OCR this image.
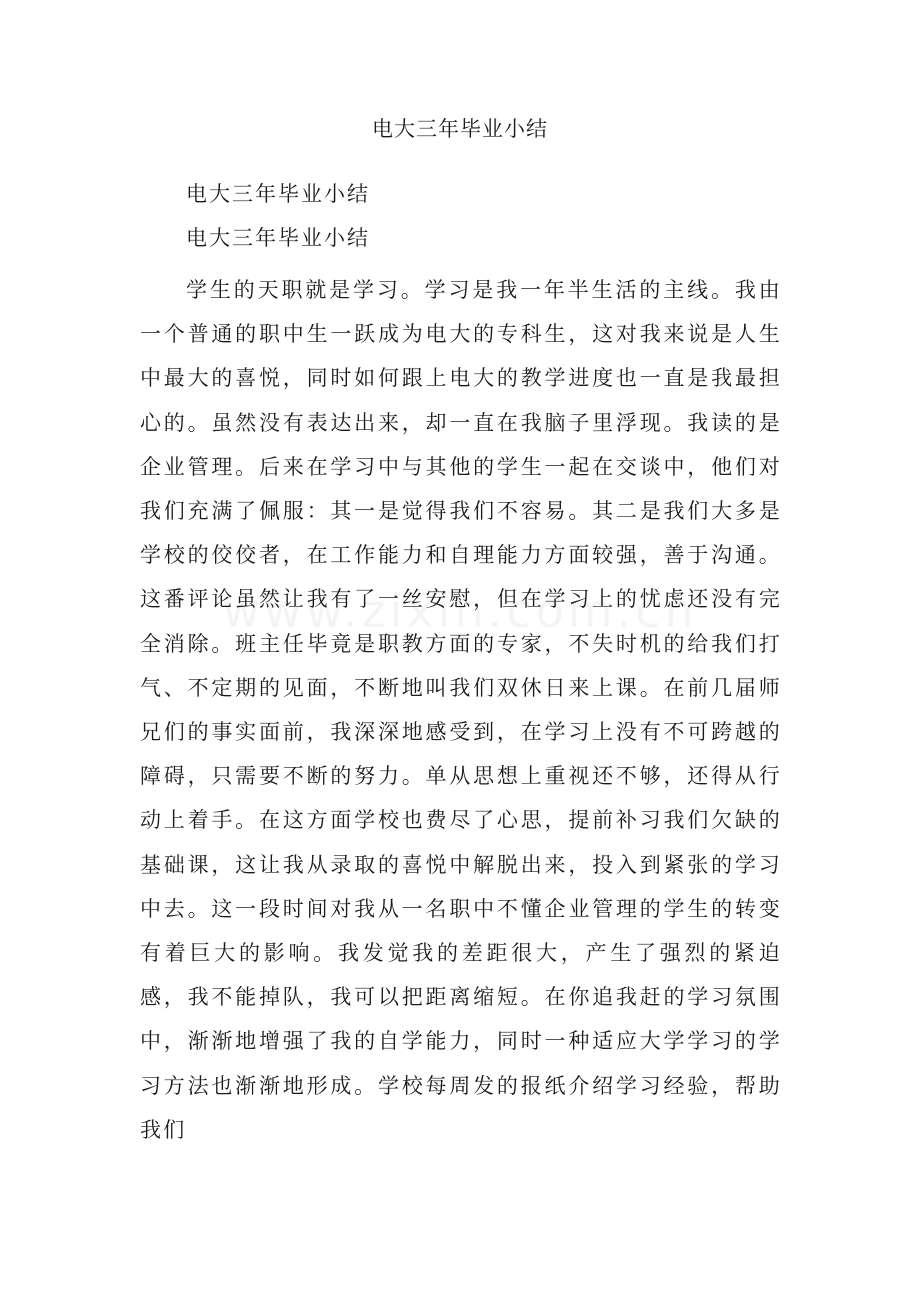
电大三年毕业小结
电大三年毕业小结
电大三年毕业小结

学生的天职就是学习。学习是我一年半生活的主线。我由一个普通的职中生一跃成为电大的专科生，这对我来说是人生中最大的喜悦，同时如何跟上电大的教学进度也一直是我最担心的。虽然没有表达出来，却一直在我脑子里浮现。我读的是企业管理。后来在学习中与其他的学生一起在交谈中，他们对我们充满了佩服：其一是觉得我们不容易。其二是我们大多是学校的佼佼者，在工作能力和自理能力方面较强，善于沟通。这番评论虽然让我有了一丝安慰，但在学习上的忧虑还没有完全消除。班主任毕竟是职教方面的专家，不失时机的给我们打气、不定期的见面，不断地叫我们双休日来上课。在前几届师兄们的事实面前，我深深地感受到，在学习上没有不可跨越的障碍，只需要不断的努力。单从思想上重视还不够，还得从行动上着手。在这方面学校也费尽了心思，提前补习我们欠缺的基础课，这让我从录取的喜悦中解脱出来，投入到紧张的学习中去。这一段时间对我从一名职中不懂企业管理的学生的转变有着巨大的影响。我发觉我的差距很大，产生了强烈的紧迫感，我不能掉队，我可以把距离缩短。在你追我赶的学习氛围中，渐渐地增强了我的自学能力，同时一种适应大学学习的学习方法也渐渐地形成。学校每周发的报纸介绍学习经验，帮助我们
